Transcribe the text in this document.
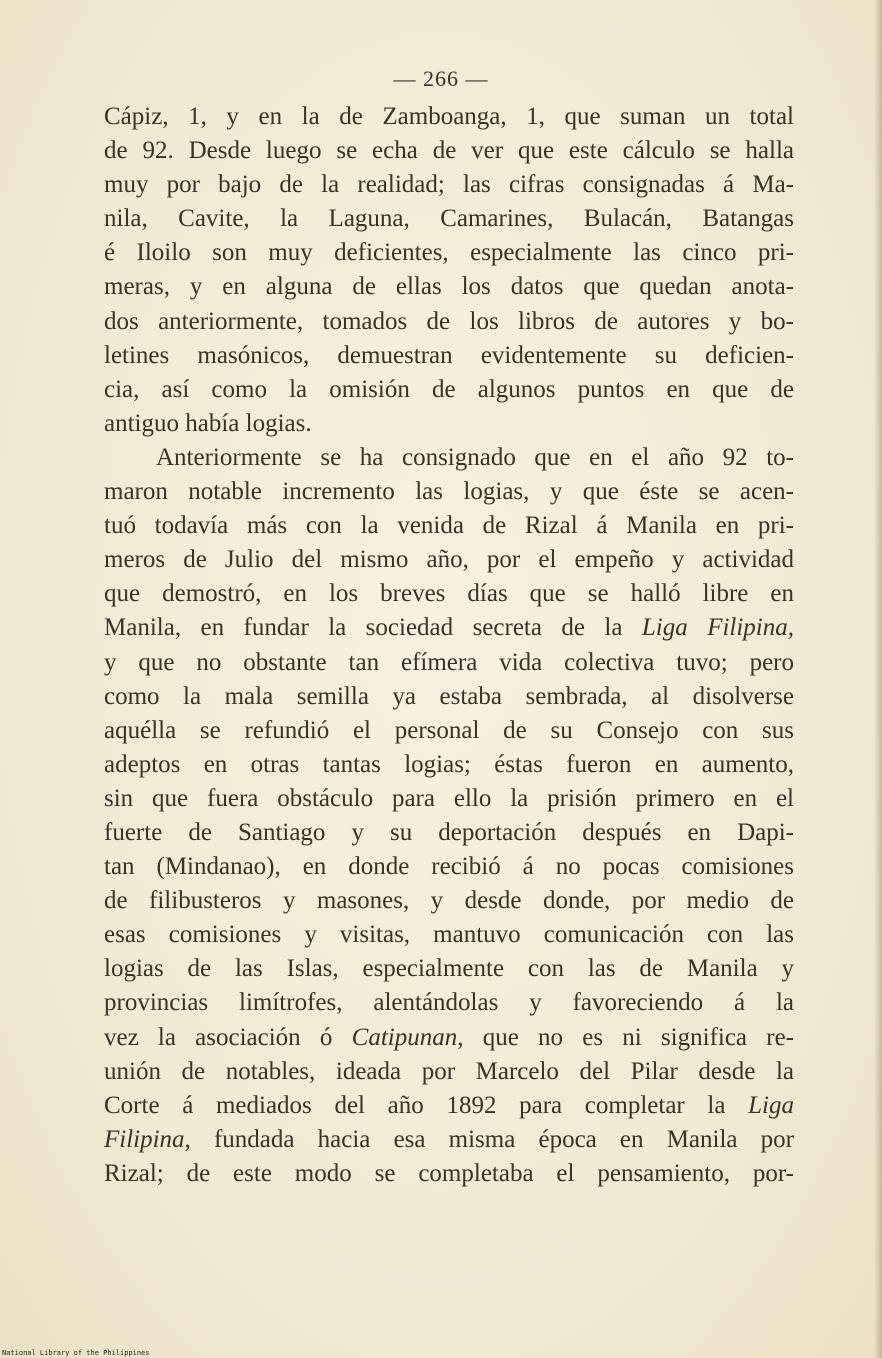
— 266 —
Cápiz, 1, y en la de Zamboanga, 1, que suman un total
de 92. Desde luego se echa de ver que este cálculo se halla
muy por bajo de la realidad; las cifras consignadas á Ma-
nila, Cavite, la Laguna, Camarines, Bulacán, Batangas
é Iloilo son muy deficientes, especialmente las cinco pri-
meras, y en alguna de ellas los datos que quedan anota-
dos anteriormente, tomados de los libros de autores y bo-
letines masónicos, demuestran evidentemente su deficien-
cia, así como la omisión de algunos puntos en que de
antiguo había logias.
Anteriormente se ha consignado que en el año 92 to-
maron notable incremento las logias, y que éste se acen-
tuó todavía más con la venida de Rizal á Manila en pri-
meros de Julio del mismo año, por el empeño y actividad
que demostró, en los breves días que se halló libre en
Manila, en fundar la sociedad secreta de la Liga Filipina,
y que no obstante tan efímera vida colectiva tuvo; pero
como la mala semilla ya estaba sembrada, al disolverse
aquélla se refundió el personal de su Consejo con sus
adeptos en otras tantas logias; éstas fueron en aumento,
sin que fuera obstáculo para ello la prisión primero en el
fuerte de Santiago y su deportación después en Dapi-
tan (Mindanao), en donde recibió á no pocas comisiones
de filibusteros y masones, y desde donde, por medio de
esas comisiones y visitas, mantuvo comunicación con las
logias de las Islas, especialmente con las de Manila y
provincias limítrofes, alentándolas y favoreciendo á la
vez la asociación ó Catipunan, que no es ni significa re-
unión de notables, ideada por Marcelo del Pilar desde la
Corte á mediados del año 1892 para completar la Liga
Filipina, fundada hacia esa misma época en Manila por
Rizal; de este modo se completaba el pensamiento, por-
National Library of the Philippines
